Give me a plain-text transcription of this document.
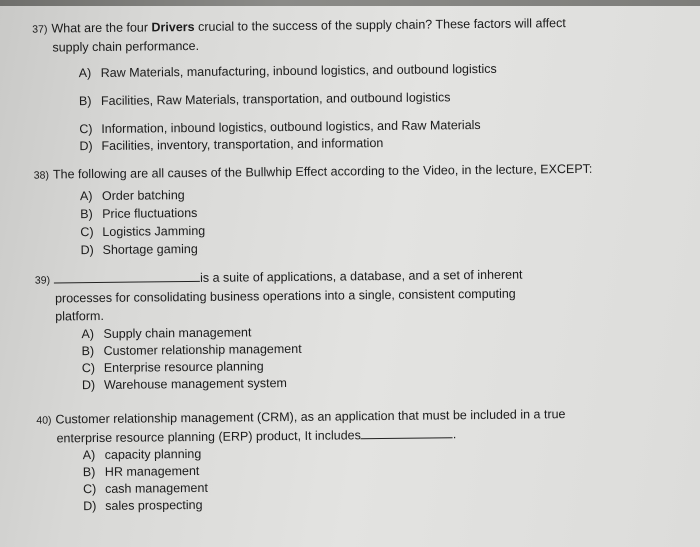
37) What are the four Drivers crucial to the success of the supply chain? These factors will affect
supply chain performance.
A) Raw Materials, manufacturing, inbound logistics, and outbound logistics
B) Facilities, Raw Materials, transportation, and outbound logistics
C) Information, inbound logistics, outbound logistics, and Raw Materials
D) Facilities, inventory, transportation, and information
38) The following are all causes of the Bullwhip Effect according to the Video, in the lecture, EXCEPT:
A) Order batching
B) Price fluctuations
C) Logistics Jamming
D) Shortage gaming
39)	is a suite of applications, a database, and a set of inherent
processes for consolidating business operations into a single, consistent computing
platform.
A) Supply chain management
B) Customer relationship management
C) Enterprise resource planning
D) Warehouse management system
40) Customer relationship management (CRM), as an application that must be included in a true
enterprise resource planning (ERP) product, It includes	.
A) capacity planning
B) HR management
C) cash management
D) sales prospecting
